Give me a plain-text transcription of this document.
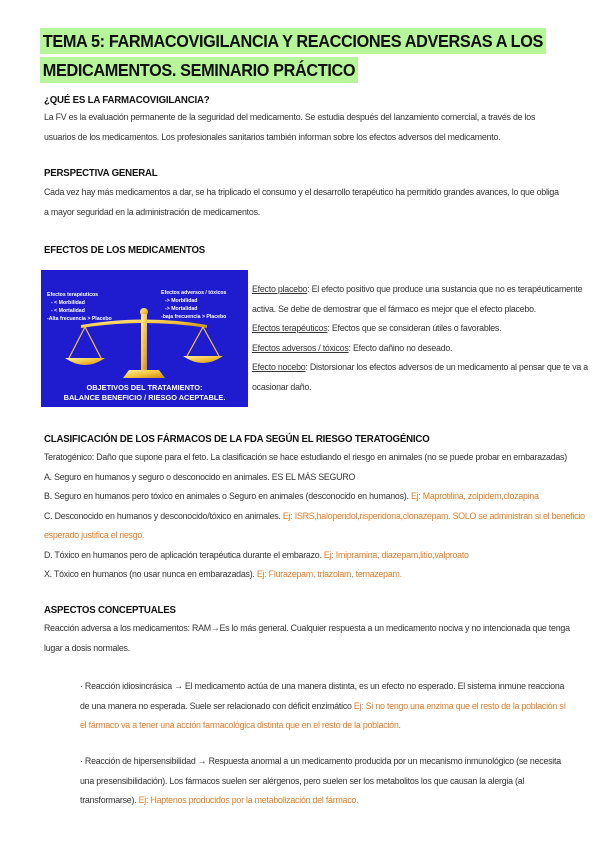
TEMA 5: FARMACOVIGILANCIA Y REACCIONES ADVERSAS A LOS
MEDICAMENTOS. SEMINARIO PRÁCTICO
¿QUÉ ES LA FARMACOVIGILANCIA?
La FV es la evaluación permanente de la seguridad del medicamento. Se estudia después del lanzamiento comercial, a través de los usuarios de los medicamentos. Los profesionales sanitarios también informan sobre los efectos adversos del medicamento.
PERSPECTIVA GENERAL
Cada vez hay más medicamentos a dar, se ha triplicado el consumo y el desarrollo terapéutico ha permitido grandes avances, lo que obliga a mayor seguridad en la administración de medicamentos.
EFECTOS DE LOS MEDICAMENTOS
Efectos terapéuticos
- < Morbilidad
- < Mortalidad
-Alta frecuencia > Placebo
Efectos adversos / tóxicos
-> Morbilidad
-> Mortalidad
-baja frecuencia > Placebo
OBJETIVOS DEL TRATAMIENTO:
BALANCE BENEFICIO / RIESGO ACEPTABLE.
Efecto placebo: El efecto positivo que produce una sustancia que no es terapéuticamente activa. Se debe de demostrar que el fármaco es mejor que el efecto placebo.
Efectos terapéuticos: Efectos que se consideran útiles o favorables.
Efectos adversos / tóxicos: Efecto dañino no deseado.
Efecto nocebo: Distorsionar los efectos adversos de un medicamento al pensar que te va a ocasionar daño.
CLASIFICACIÓN DE LOS FÁRMACOS DE LA FDA SEGÚN EL RIESGO TERATOGÉNICO
Teratogénico: Daño que supone para el feto. La clasificación se hace estudiando el riesgo en animales (no se puede probar en embarazadas)
A. Seguro en humanos y seguro o desconocido en animales. ES EL MÁS SEGURO
B. Seguro en humanos pero tóxico en animales o Seguro en animales (desconocido en humanos). Ej: Maprotilina, zolpidem,clozapina
C. Desconocido en humanos y desconocido/tóxico en animales. Ej: ISRS,haloperidol,risperidona,clonazepam. SOLO se administran si el beneficio esperado justifica el riesgo.
D. Tóxico en humanos pero de aplicación terapéutica durante el embarazo. Ej: Imipramina, diazepam,litio,valproato
X. Tóxico en humanos (no usar nunca en embarazadas). Ej: Flurazepam, triazolam, temazepam.
ASPECTOS CONCEPTUALES
Reacción adversa a los medicamentos: RAM→Es lo más general. Cualquier respuesta a un medicamento nociva y no intencionada que tenga lugar a dosis normales.
· Reacción idiosincrásica → El medicamento actúa de una manera distinta, es un efecto no esperado. El sistema inmune reacciona de una manera no esperada. Suele ser relacionado con déficit enzimático Ej: Si no tengo una enzima que el resto de la población sí el fármaco va a tener una acción farmacológica distinta que en el resto de la población.
· Reacción de hipersensibilidad → Respuesta anormal a un medicamento producida por un mecanismo inmunológico (se necesita una presensibilidación). Los fármacos suelen ser alérgenos, pero suelen ser los metabolitos los que causan la alergia (al transformarse). Ej: Haptenos producidos por la metabolización del fármaco.
